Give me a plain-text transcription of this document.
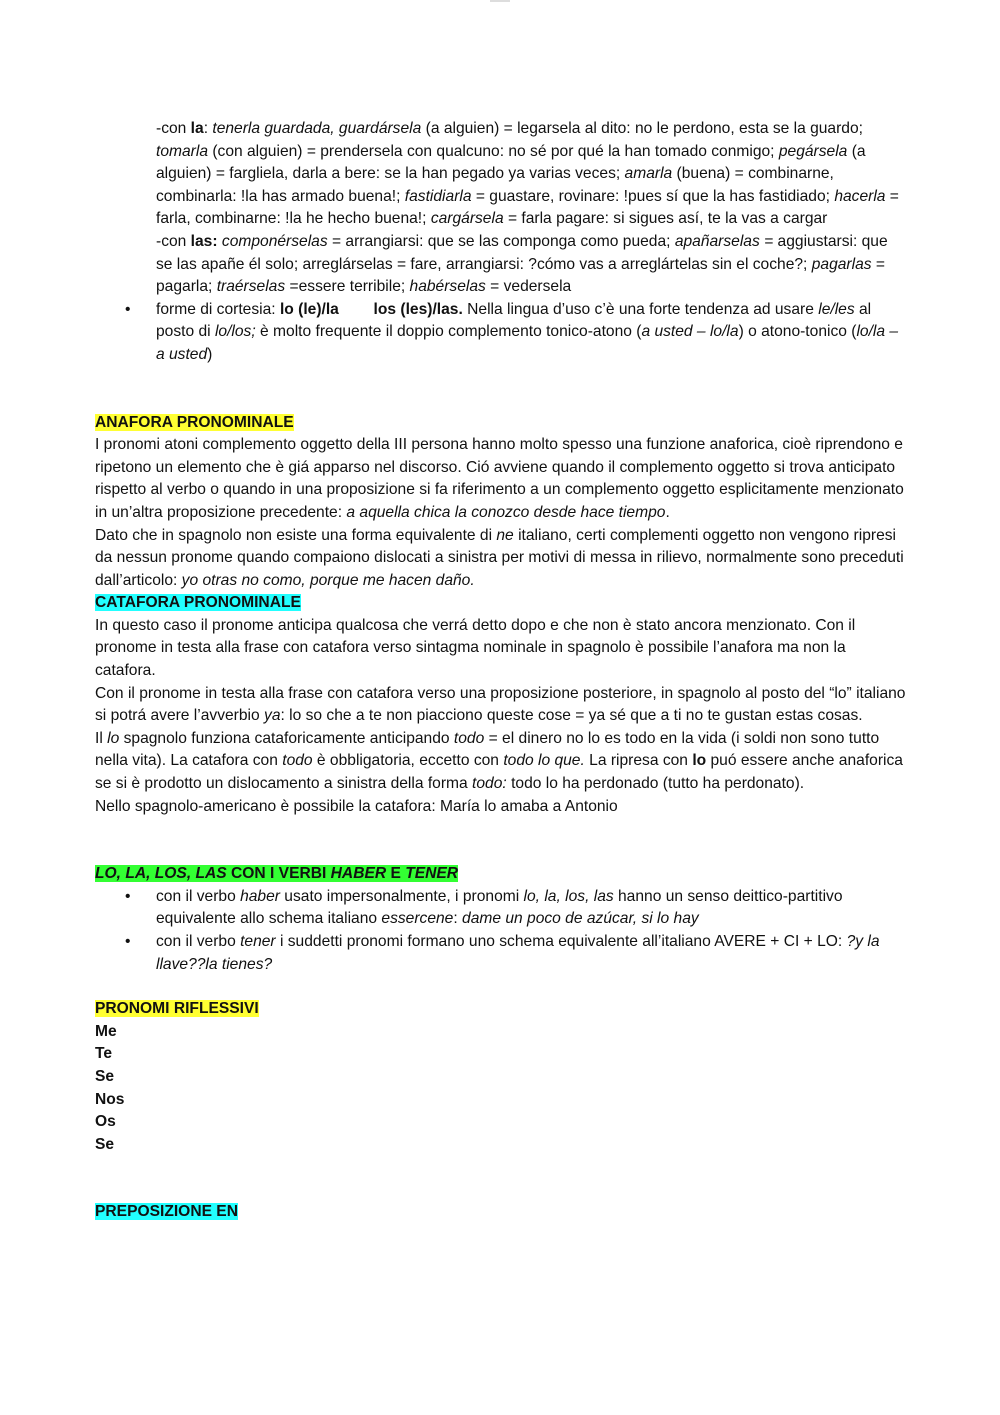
-con la: tenerla guardada, guardársela (a alguien) = legarsela al dito: no le perdono, esta se la guardo; tomarla (con alguien) = prendersela con qualcuno: no sé por qué la han tomado conmigo; pegársela (a alguien) = fargliela, darla a bere: se la han pegado ya varias veces; amarla (buena) = combinarne, combinarla: !la has armado buena!; fastidiarla = guastare, rovinare: !pues sí que la has fastidiado; hacerla = farla, combinarne: !la he hecho buena!; cargársela = farla pagare: si sigues así, te la vas a cargar

-con las: componérselas = arrangiarsi: que se las componga como pueda; apañarselas = aggiustarsi: que se las apañe él solo; arreglárselas = fare, arrangiarsi: ?cómo vas a arreglártelas sin el coche?; pagarlas = pagarla; traérselas =essere terribile; habérselas = vedersela

• forme di cortesia: lo (le)/la        los (les)/las. Nella lingua d’uso c’è una forte tendenza ad usare le/les al posto di lo/los; è molto frequente il doppio complemento tonico-atono (a usted – lo/la) o atono-tonico (lo/la – a usted)
ANAFORA PRONOMINALE

I pronomi atoni complemento oggetto della III persona hanno molto spesso una funzione anaforica, cioè riprendono e ripetono un elemento che è giá apparso nel discorso. Ció avviene quando il complemento oggetto si trova anticipato rispetto al verbo o quando in una proposizione si fa riferimento a un complemento oggetto esplicitamente menzionato in un’altra proposizione precedente: a aquella chica la conozco desde hace tiempo.

Dato che in spagnolo non esiste una forma equivalente di ne italiano, certi complementi oggetto non vengono ripresi da nessun pronome quando compaiono dislocati a sinistra per motivi di messa in rilievo, normalmente sono preceduti dall’articolo: yo otras no como, porque me hacen daño.

CATAFORA PRONOMINALE

In questo caso il pronome anticipa qualcosa che verrá detto dopo e che non è stato ancora menzionato. Con il pronome in testa alla frase con catafora verso sintagma nominale in spagnolo è possibile l’anafora ma non la catafora.

Con il pronome in testa alla frase con catafora verso una proposizione posteriore, in spagnolo al posto del “lo” italiano si potrá avere l’avverbio ya: lo so che a te non piacciono queste cose = ya sé que a ti no te gustan estas cosas.

Il lo spagnolo funziona cataforicamente anticipando todo = el dinero no lo es todo en la vida (i soldi non sono tutto nella vita). La catafora con todo è obbligatoria, eccetto con todo lo que. La ripresa con lo puó essere anche anaforica se si è prodotto un dislocamento a sinistra della forma todo: todo lo ha perdonado (tutto ha perdonato).

Nello spagnolo-americano è possibile la catafora: María lo amaba a Antonio

LO, LA, LOS, LAS CON I VERBI HABER E TENER
• con il verbo haber usato impersonalmente, i pronomi lo, la, los, las hanno un senso deittico-partitivo equivalente allo schema italiano essercene: dame un poco de azúcar, si lo hay
• con il verbo tener i suddetti pronomi formano uno schema equivalente all’italiano AVERE + CI + LO: ?y la llave??la tienes?
PRONOMI RIFLESSIVI
Me
Te
Se
Nos
Os
Se
PREPOSIZIONE EN
